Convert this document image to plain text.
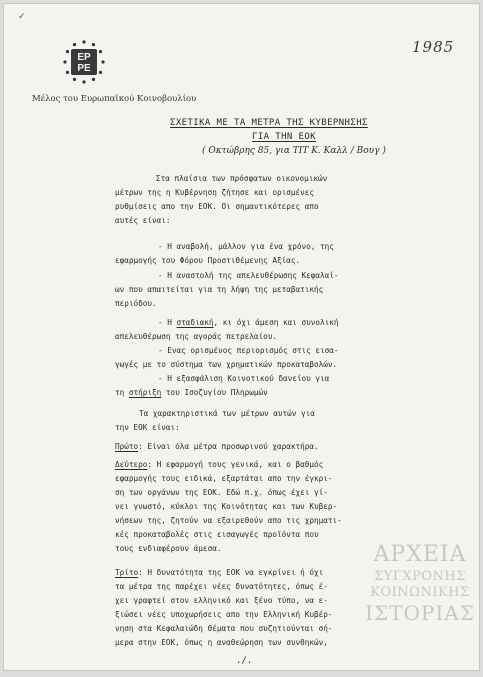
✓
1985
EP
PE
Μέλος του Ευρωπαϊκού Κοινοβουλίου
ΣΧΕΤΙΚΑ ΜΕ ΤΑ ΜΕΤΡΑ ΤΗΣ ΚΥΒΕΡΝΗΣΗΣ
ΓΙΑ ΤΗΝ ΕΟΚ
( Οκτώβρης 85, για ΤΙΤ Κ. Καλλ / Βουγ )
Στα πλαίσια των πρόσφατων οικονομικών
μέτρων της η Κυβέρνηση ζήτησε και ορισμένες
ρυθμίσεις απο την ΕΟΚ. Οι σημαντικότερες απο
αυτές είναι:
- Η αναβολή, μάλλον για ένα χρόνο, της
εφαρμογής του Φόρου Προστιθέμενης Αξίας.
- Η αναστολή της απελευθέρωσης Κεφαλαί-
ων που απαιτείται για τη λήψη της μεταβατικής
περιόδου.
- Η σταδιακή, κι όχι άμεση και συνολική
απελευθέρωση της αγοράς πετρελαίου.
- Ενας ορισμένος περιορισμός στις εισα-
γωγές με το σύστημα των χρηματικών προκαταβολών.
- Η εξασφάλιση Κοινοτικού δανείου για
τη στήριξη του Ισοζυγίου Πληρωμών
Τα χαρακτηριστικά των μέτρων αυτών για
την ΕΟΚ είναι:
Πρώτο: Είναι όλα μέτρα προσωρινού χαρακτήρα.
Δεύτερο: Η εφαρμογή τους γενικά, και ο βαθμός
εφαρμογής τους ειδικά, εξαρτάται απο την έγκρι-
ση των οργάνων της ΕΟΚ. Εδώ π.χ. όπως έχει γί-
νει γνωστό, κύκλοι της Κοινότητας και των Κυβερ-
νήσεων της, ζητούν να εξαιρεθούν απο τις χρηματι-
κές προκαταβολές στις εισαγωγές προϊόντα που
τους ενδιαφέρουν άμεσα.
Τρίτο: Η δυνατότητα της ΕΟΚ να εγκρίνει ή όχι
τα μέτρα της παρέχει νέες δυνατότητες, όπως έ-
χει γραφτεί στον ελληνικό και ξένο τύπο, να ε-
ξιώσει νέες υποχωρήσεις απο την Ελληνική Κυβέρ-
νηση στα Κεφαλαιώδη θέματα που συζητιούνται σή-
μερα στην ΕΟΚ, όπως η αναθεώρηση των συνθηκών,
ΑΡΧΕΙΑ
ΣΥΓΧΡΟΝΗΣ
ΚΟΙΝΩΝΙΚΗΣ
ΙΣΤΟΡΙΑΣ
./.
